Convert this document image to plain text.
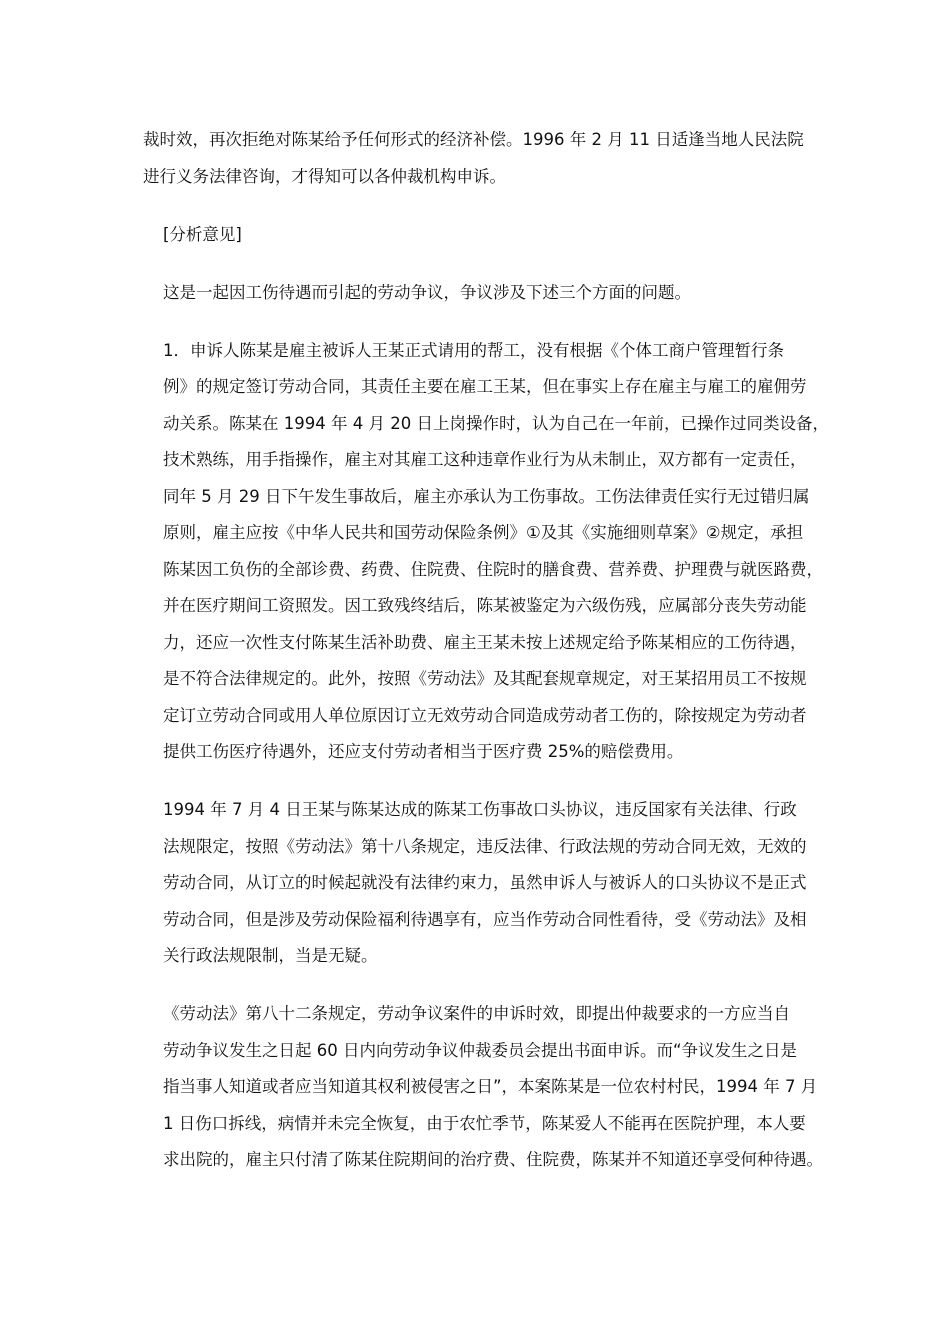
裁时效，再次拒绝对陈某给予任何形式的经济补偿。1996 年 2 月 11 日适逢当地人民法院
进行义务法律咨询，才得知可以各仲裁机构申诉。

[分析意见]

这是一起因工伤待遇而引起的劳动争议，争议涉及下述三个方面的问题。

1．申诉人陈某是雇主被诉人王某正式请用的帮工，没有根据《个体工商户管理暂行条
例》的规定签订劳动合同，其责任主要在雇工王某，但在事实上存在雇主与雇工的雇佣劳
动关系。陈某在 1994 年 4 月 20 日上岗操作时，认为自己在一年前，已操作过同类设备，
技术熟练，用手指操作，雇主对其雇工这种违章作业行为从未制止，双方都有一定责任，
同年 5 月 29 日下午发生事故后，雇主亦承认为工伤事故。工伤法律责任实行无过错归属
原则，雇主应按《中华人民共和国劳动保险条例》①及其《实施细则草案》②规定，承担
陈某因工负伤的全部诊费、药费、住院费、住院时的膳食费、营养费、护理费与就医路费，
并在医疗期间工资照发。因工致残终结后，陈某被鉴定为六级伤残，应属部分丧失劳动能
力，还应一次性支付陈某生活补助费、雇主王某未按上述规定给予陈某相应的工伤待遇，
是不符合法律规定的。此外，按照《劳动法》及其配套规章规定，对王某招用员工不按规
定订立劳动合同或用人单位原因订立无效劳动合同造成劳动者工伤的，除按规定为劳动者
提供工伤医疗待遇外，还应支付劳动者相当于医疗费 25%的赔偿费用。

1994 年 7 月 4 日王某与陈某达成的陈某工伤事故口头协议，违反国家有关法律、行政
法规限定，按照《劳动法》第十八条规定，违反法律、行政法规的劳动合同无效，无效的
劳动合同，从订立的时候起就没有法律约束力，虽然申诉人与被诉人的口头协议不是正式
劳动合同，但是涉及劳动保险福利待遇享有，应当作劳动合同性看待，受《劳动法》及相
关行政法规限制，当是无疑。

《劳动法》第八十二条规定，劳动争议案件的申诉时效，即提出仲裁要求的一方应当自
劳动争议发生之日起 60 日内向劳动争议仲裁委员会提出书面申诉。而“争议发生之日是
指当事人知道或者应当知道其权利被侵害之日”，本案陈某是一位农村村民，1994 年 7 月
1 日伤口拆线，病情并未完全恢复，由于农忙季节，陈某爱人不能再在医院护理，本人要
求出院的，雇主只付清了陈某住院期间的治疗费、住院费，陈某并不知道还享受何种待遇。
